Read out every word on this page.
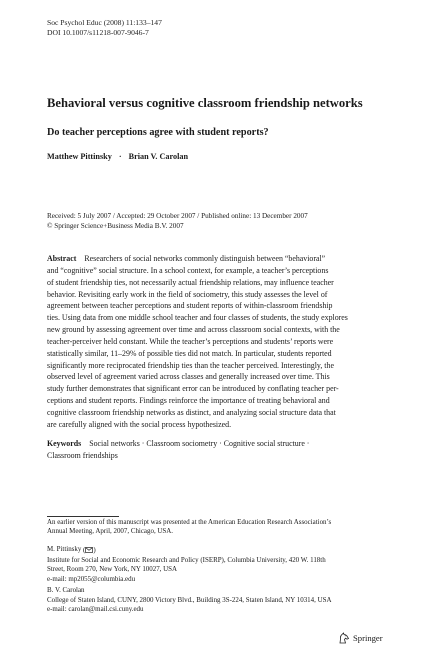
Soc Psychol Educ (2008) 11:133–147
DOI 10.1007/s11218-007-9046-7
Behavioral versus cognitive classroom friendship networks
Do teacher perceptions agree with student reports?
Matthew Pittinsky · Brian V. Carolan
Received: 5 July 2007 / Accepted: 29 October 2007 / Published online: 13 December 2007
© Springer Science+Business Media B.V. 2007
Abstract Researchers of social networks commonly distinguish between “behavioral”

and “cognitive” social structure. In a school context, for example, a teacher’s perceptions
of student friendship ties, not necessarily actual friendship relations, may influence teacher
behavior. Revisiting early work in the field of sociometry, this study assesses the level of
agreement between teacher perceptions and student reports of within-classroom friendship
ties. Using data from one middle school teacher and four classes of students, the study explores
new ground by assessing agreement over time and across classroom social contexts, with the
teacher-perceiver held constant. While the teacher’s perceptions and students’ reports were
statistically similar, 11–29% of possible ties did not match. In particular, students reported
significantly more reciprocated friendship ties than the teacher perceived. Interestingly, the
observed level of agreement varied across classes and generally increased over time. This
study further demonstrates that significant error can be introduced by conflating teacher per-
ceptions and student reports. Findings reinforce the importance of treating behavioral and
cognitive classroom friendship networks as distinct, and analyzing social structure data that
are carefully aligned with the social process hypothesized.
Keywords Social networks · Classroom sociometry · Cognitive social structure ·
Classroom friendships
An earlier version of this manuscript was presented at the American Education Research Association’s
Annual Meeting, April, 2007, Chicago, USA.
M. Pittinsky ( )
Institute for Social and Economic Research and Policy (ISERP), Columbia University, 420 W. 118th
Street, Room 270, New York, NY 10027, USA
e-mail: mp2055@columbia.edu
B. V. Carolan
College of Staten Island, CUNY, 2800 Victory Blvd., Building 3S-224, Staten Island, NY 10314, USA
e-mail: carolan@mail.csi.cuny.edu
Springer
